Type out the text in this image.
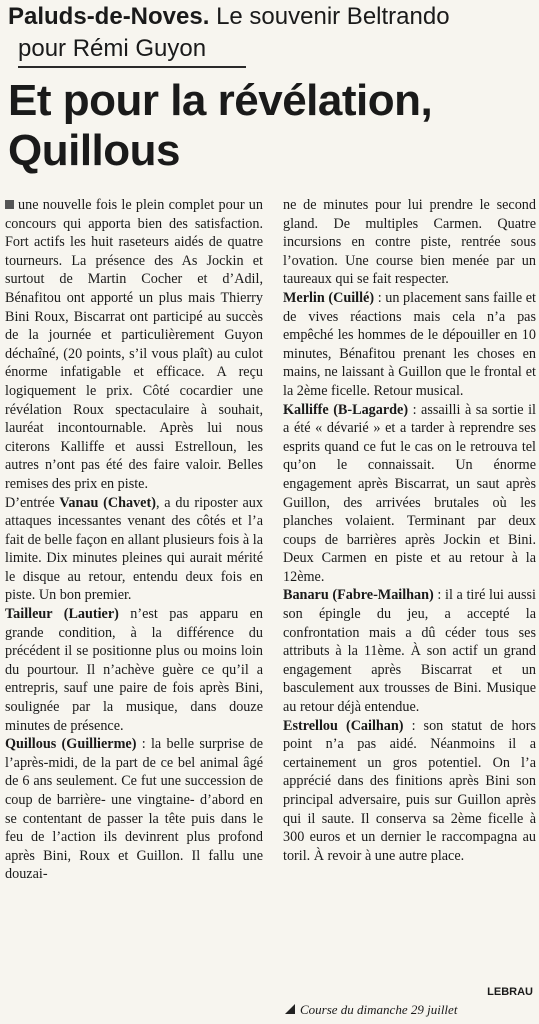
Paluds-de-Noves. Le souvenir Beltrando
pour Rémi Guyon
Et pour la révélation,
Quillous

une nouvelle fois le plein complet pour un concours qui apporta bien des satisfaction. Fort actifs les huit raseteurs aidés de quatre tourneurs. La présence des As Jockin et surtout de Martin Cocher et d’Adil, Bénafitou ont apporté un plus mais Thierry Bini Roux, Biscarrat ont participé au succès de la journée et particulièrement Guyon déchaîné, (20 points, s’il vous plaît) au culot énorme infatigable et efficace. A reçu logiquement le prix. Côté cocardier une révélation Roux spectaculaire à souhait, lauréat incontournable. Après lui nous citerons Kalliffe et aussi Estrelloun, les autres n’ont pas été des faire valoir. Belles remises des prix en piste.

D’entrée Vanau (Chavet), a du riposter aux attaques incessantes venant des côtés et l’a fait de belle façon en allant plusieurs fois à la limite. Dix minutes pleines qui aurait mérité le disque au retour, entendu deux fois en piste. Un bon premier.

Tailleur (Lautier) n’est pas apparu en grande condition, à la différence du précédent il se positionne plus ou moins loin du pourtour. Il n’achève guère ce qu’il a entrepris, sauf une paire de fois après Bini, soulignée par la musique, dans douze minutes de présence.

Quillous (Guillierme) : la belle surprise de l’après-midi, de la part de ce bel animal âgé de 6 ans seulement. Ce fut une succession de coup de barrière- une vingtaine- d’abord en se contentant de passer la tête puis dans le feu de l’action ils devinrent plus profond après Bini, Roux et Guillon. Il fallu une douzai-

ne de minutes pour lui prendre le second gland. De multiples Carmen. Quatre incursions en contre piste, rentrée sous l’ovation. Une course bien menée par un taureaux qui se fait respecter.

Merlin (Cuillé) : un placement sans faille et de vives réactions mais cela n’a pas empêché les hommes de le dépouiller en 10 minutes, Bénafitou prenant les choses en mains, ne laissant à Guillon que le frontal et la 2ème ficelle. Retour musical.

Kalliffe (B-Lagarde) : assailli à sa sortie il a été « dévarié » et a tarder à reprendre ses esprits quand ce fut le cas on le retrouva tel qu’on le connaissait. Un énorme engagement après Biscarrat, un saut après Guillon, des arrivées brutales où les planches volaient. Terminant par deux coups de barrières après Jockin et Bini. Deux Carmen en piste et au retour à la 12ème.

Banaru (Fabre-Mailhan) : il a tiré lui aussi son épingle du jeu, a accepté la confrontation mais a dû céder tous ses attributs à la 11ème. À son actif un grand engagement après Biscarrat et un basculement aux trousses de Bini. Musique au retour déjà entendue.

Estrellou (Cailhan) : son statut de hors point n’a pas aidé. Néanmoins il a certainement un gros potentiel. On l’a apprécié dans des finitions après Bini son principal adversaire, puis sur Guillon après qui il saute. Il conserva sa 2ème ficelle à 300 euros et un dernier le raccompagna au toril. À revoir à une autre place.

LEBRAU
Course du dimanche 29 juillet
